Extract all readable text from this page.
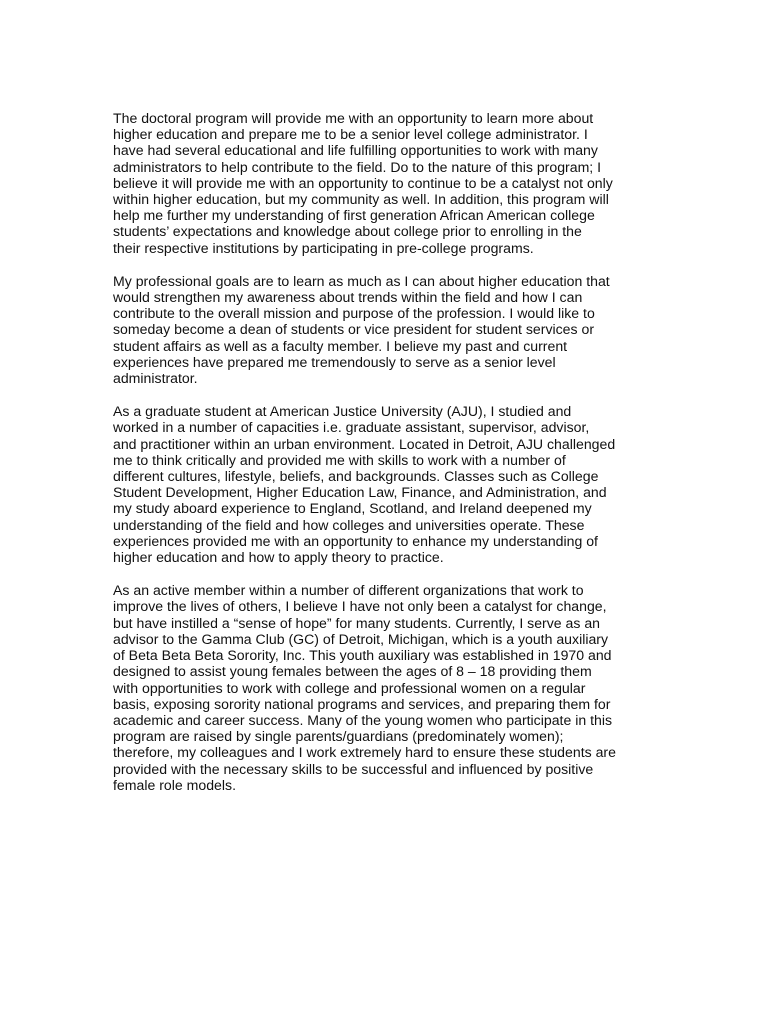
The doctoral program will provide me with an opportunity to learn more about
higher education and prepare me to be a senior level college administrator. I
have had several educational and life fulfilling opportunities to work with many
administrators to help contribute to the field. Do to the nature of this program; I
believe it will provide me with an opportunity to continue to be a catalyst not only
within higher education, but my community as well. In addition, this program will
help me further my understanding of first generation African American college
students’ expectations and knowledge about college prior to enrolling in the
their respective institutions by participating in pre-college programs.

My professional goals are to learn as much as I can about higher education that
would strengthen my awareness about trends within the field and how I can
contribute to the overall mission and purpose of the profession. I would like to
someday become a dean of students or vice president for student services or
student affairs as well as a faculty member. I believe my past and current
experiences have prepared me tremendously to serve as a senior level
administrator.

As a graduate student at American Justice University (AJU), I studied and
worked in a number of capacities i.e. graduate assistant, supervisor, advisor,
and practitioner within an urban environment. Located in Detroit, AJU challenged
me to think critically and provided me with skills to work with a number of
different cultures, lifestyle, beliefs, and backgrounds. Classes such as College
Student Development, Higher Education Law, Finance, and Administration, and
my study aboard experience to England, Scotland, and Ireland deepened my
understanding of the field and how colleges and universities operate. These
experiences provided me with an opportunity to enhance my understanding of
higher education and how to apply theory to practice.

As an active member within a number of different organizations that work to
improve the lives of others, I believe I have not only been a catalyst for change,
but have instilled a “sense of hope” for many students. Currently, I serve as an
advisor to the Gamma Club (GC) of Detroit, Michigan, which is a youth auxiliary
of Beta Beta Beta Sorority, Inc. This youth auxiliary was established in 1970 and
designed to assist young females between the ages of 8 – 18 providing them
with opportunities to work with college and professional women on a regular
basis, exposing sorority national programs and services, and preparing them for
academic and career success. Many of the young women who participate in this
program are raised by single parents/guardians (predominately women);
therefore, my colleagues and I work extremely hard to ensure these students are
provided with the necessary skills to be successful and influenced by positive
female role models.
